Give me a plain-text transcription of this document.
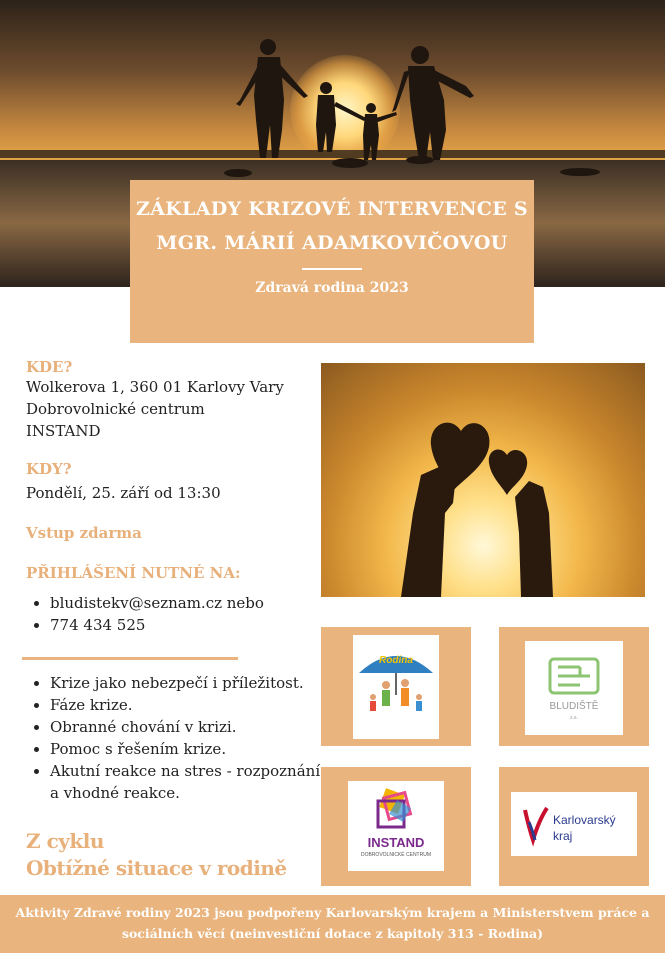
ZÁKLADY KRIZOVÉ INTERVENCE S MGR. MÁRIÍ ADAMKOVIČOVOU
Zdravá rodina 2023

KDE?

Wolkerova 1, 360 01 Karlovy Vary

Dobrovolnické centrum

INSTAND

KDY?

Pondělí, 25. září od 13:30

Vstup zdarma

PŘIHLÁŠENÍ NUTNÉ NA:

• bludistekv@seznam.cz nebo
• 774 434 525
• Krize jako nebezpečí i příležitost.
• Fáze krize.
• Obranné chování v krizi.
• Pomoc s řešením krize.
• Akutní reakce na stres - rozpoznání a vhodné reakce.
Z cyklu
Obtížné situace v rodině
Rodina
BLUDIŠTĚ
z.s.
INSTAND
DOBROVOLNICKÉ CENTRUM
Karlovarský
kraj
Aktivity Zdravé rodiny 2023 jsou podpořeny Karlovarským krajem a Ministerstvem práce a sociálních věcí (neinvestiční dotace z kapitoly 313 - Rodina)
